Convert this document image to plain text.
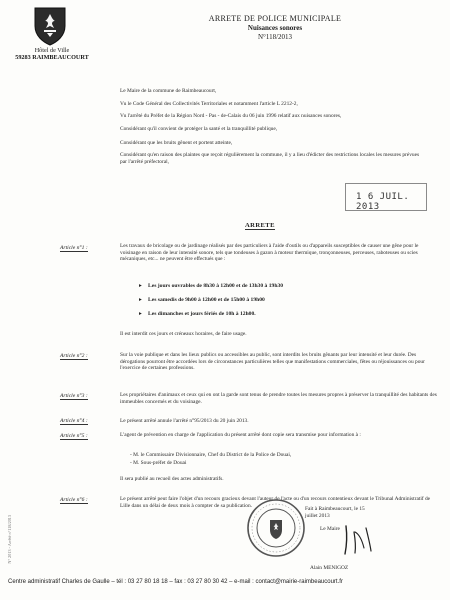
Hôtel de Ville
59283 RAIMBEAUCOURT
ARRETE DE POLICE MUNICIPALE
Nuisances sonores
N°118/2013
Le Maire de la commune de Raimbeaucourt,
Vu le Code Général des Collectivités Territoriales et notamment l'article L 2212-2,
Vu l'arrêté du Préfet de la Région Nord - Pas - de-Calais du 06 juin 1996 relatif aux nuisances sonores,
Considérant qu'il convient de protéger la santé et la tranquillité publique,
Considérant que les bruits gênent et portent atteinte,
Considérant qu'en raison des plaintes que reçoit régulièrement la commune, il y a lieu d'édicter des restrictions locales les mesures prévues par l'arrêté préfectoral,
1 6 JUIL. 2013
ARRETE
Article n°1 :	Les travaux de bricolage ou de jardinage réalisés par des particuliers à l'aide d'outils ou d'appareils susceptibles de causer une gêne pour le voisinage en raison de leur intensité sonore, tels que tondeuses à gazon à moteur thermique, tronçonneuses, perceuses, raboteuses ou scies mécaniques, etc... ne peuvent être effectués que :
▸ Les jours ouvrables de 8h30 à 12h00 et de 13h30 à 19h30
▸ Les samedis de 9h00 à 12h00 et de 15h00 à 19h00
▸ Les dimanches et jours fériés de 10h à 12h00.
Il est interdit ces jours et créneaux horaires, de faire usage.
Article n°2 :	Sur la voie publique et dans les lieux publics ou accessibles au public, sont interdits les bruits gênants par leur intensité et leur durée. Des dérogations pourront être accordées lors de circonstances particulières telles que manifestations commerciales, fêtes ou réjouissances ou pour l'exercice de certaines professions.
Article n°3 :	Les propriétaires d'animaux et ceux qui en ont la garde sont tenus de prendre toutes les mesures propres à préserver la tranquillité des habitants des immeubles concernés et du voisinage.
Article n°4 :	Le présent arrêté annule l'arrêté n°95/2013 du 20 juin 2013.
Article n°5 :	L'agent de prévention en charge de l'application du présent arrêté dont copie sera transmise pour information à :
- M. le Commissaire Divisionnaire, Chef du District de la Police de Douai,
- M. Sous-préfet de Douai
Il sera publié au recueil des actes administratifs.
Article n°6 :	Le présent arrêté peut faire l'objet d'un recours gracieux devant l'auteur de l'acte ou d'un recours contentieux devant le Tribunal Administratif de Lille dans un délai de deux mois à compter de sa publication.
Fait à Raimbeaucourt, le 15 juillet 2013
Le Maire
Alain MENIGOZ
N° 2013 - Arrêté n°118/2013
Centre administratif Charles de Gaulle – tél : 03 27 80 18 18 – fax : 03 27 80 30 42 – e-mail : contact@mairie-raimbeaucourt.fr
